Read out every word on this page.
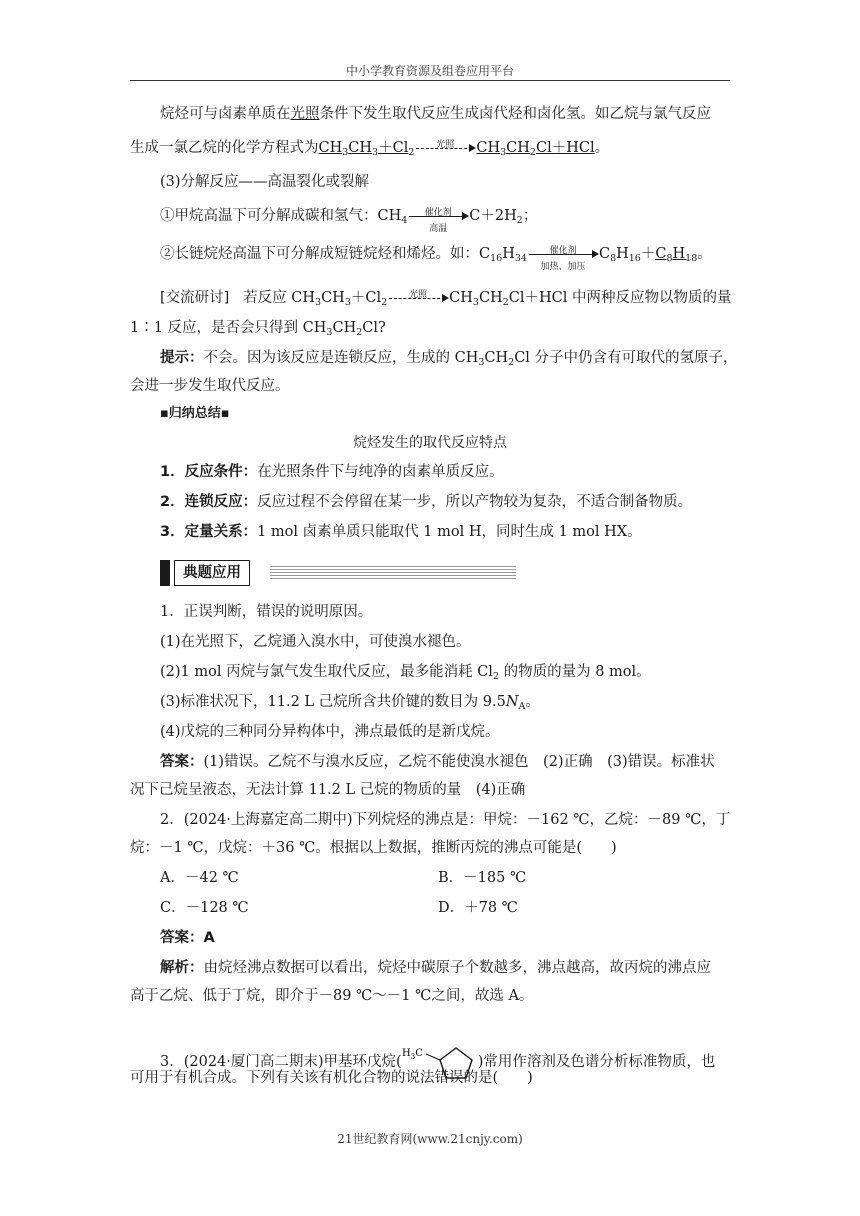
中小学教育资源及组卷应用平台
烷烃可与卤素单质在光照条件下发生取代反应生成卤代烃和卤化氢。如乙烷与氯气反应
生成一氯乙烷的化学方程式为$CH_3CH_3+Cl_2$
光照	$CH_3CH_2Cl+HCl$。
(3)分解反应——高温裂化或裂解
①甲烷高温下可分解成碳和氢气：$CH_4$
催化剂
高温
$C+2H_2$；
②长链烷烃高温下可分解成短链烷烃和烯烃。如：$C_{16}H_{34}$
催化剂
加热、加压
$C_8H_{16}+C_8H_{18}$。
[交流研讨] 若反应 $CH_3CH_3+Cl_2$
光照	$CH_3CH_2Cl+HCl$ 中两种反应物以物质的量
1∶1 反应，是否会只得到 $CH_3CH_2Cl$?
提示：不会。因为该反应是连锁反应，生成的 $CH_3CH_2Cl$ 分子中仍含有可取代的氢原子，
会进一步发生取代反应。
▪归纳总结▪
烷烃发生的取代反应特点
1．反应条件：在光照条件下与纯净的卤素单质反应。
2．连锁反应：反应过程不会停留在某一步，所以产物较为复杂，不适合制备物质。
3．定量关系：1 mol 卤素单质只能取代 1 mol H，同时生成 1 mol HX。
典题应用
1．正误判断，错误的说明原因。
(1)在光照下，乙烷通入溴水中，可使溴水褪色。
(2)1 mol 丙烷与氯气发生取代反应，最多能消耗 $Cl_2$ 的物质的量为 8 mol。
(3)标准状况下，11.2 L 己烷所含共价键的数目为 $9.5N_A$。
(4)戊烷的三种同分异构体中，沸点最低的是新戊烷。
答案：(1)错误。乙烷不与溴水反应，乙烷不能使溴水褪色　(2)正确　(3)错误。标准状
况下己烷呈液态，无法计算 11.2 L 己烷的物质的量　(4)正确
2．(2024·上海嘉定高二期中)下列烷烃的沸点是：甲烷：－162 ℃，乙烷：－89 ℃，丁
烷：－1 ℃，戊烷：＋36 ℃。根据以上数据，推断丙烷的沸点可能是(　　)
A．－42 ℃	B．－185 ℃
C．－128 ℃	D．＋78 ℃
答案：A
解析：由烷烃沸点数据可以看出，烷烃中碳原子个数越多，沸点越高，故丙烷的沸点应
高于乙烷、低于丁烷，即介于－89 ℃～－1 ℃之间，故选 A。
3．(2024·厦门高二期末)甲基环戊烷(
$H_3C$
)常用作溶剂及色谱分析标准物质，也
可用于有机合成。下列有关该有机化合物的说法错误的是(　　)
21世纪教育网(www.21cnjy.com)
